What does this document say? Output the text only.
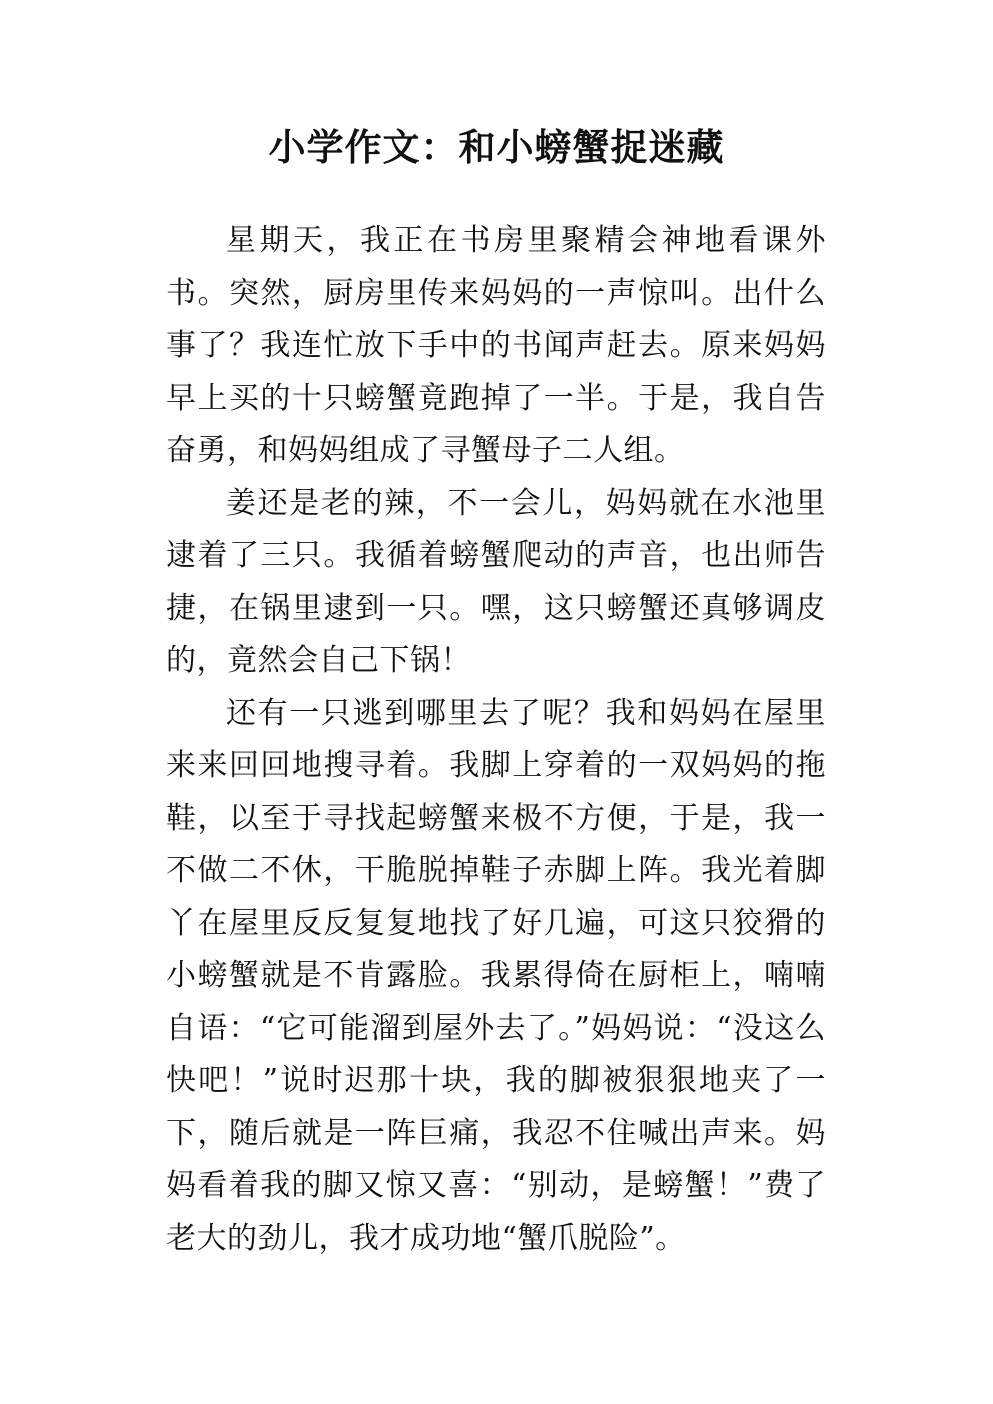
小学作文：和小螃蟹捉迷藏

星期天，我正在书房里聚精会神地看课外书。突然，厨房里传来妈妈的一声惊叫。出什么事了？我连忙放下手中的书闻声赶去。原来妈妈早上买的十只螃蟹竟跑掉了一半。于是，我自告奋勇，和妈妈组成了寻蟹母子二人组。

姜还是老的辣，不一会儿，妈妈就在水池里逮着了三只。我循着螃蟹爬动的声音，也出师告捷，在锅里逮到一只。嘿，这只螃蟹还真够调皮的，竟然会自己下锅！

还有一只逃到哪里去了呢？我和妈妈在屋里来来回回地搜寻着。我脚上穿着的一双妈妈的拖鞋，以至于寻找起螃蟹来极不方便，于是，我一不做二不休，干脆脱掉鞋子赤脚上阵。我光着脚丫在屋里反反复复地找了好几遍，可这只狡猾的小螃蟹就是不肯露脸。我累得倚在厨柜上，喃喃自语：“它可能溜到屋外去了。”妈妈说：“没这么快吧！”说时迟那十块，我的脚被狠狠地夹了一下，随后就是一阵巨痛，我忍不住喊出声来。妈妈看着我的脚又惊又喜：“别动，是螃蟹！”费了老大的劲儿，我才成功地“蟹爪脱险”。
